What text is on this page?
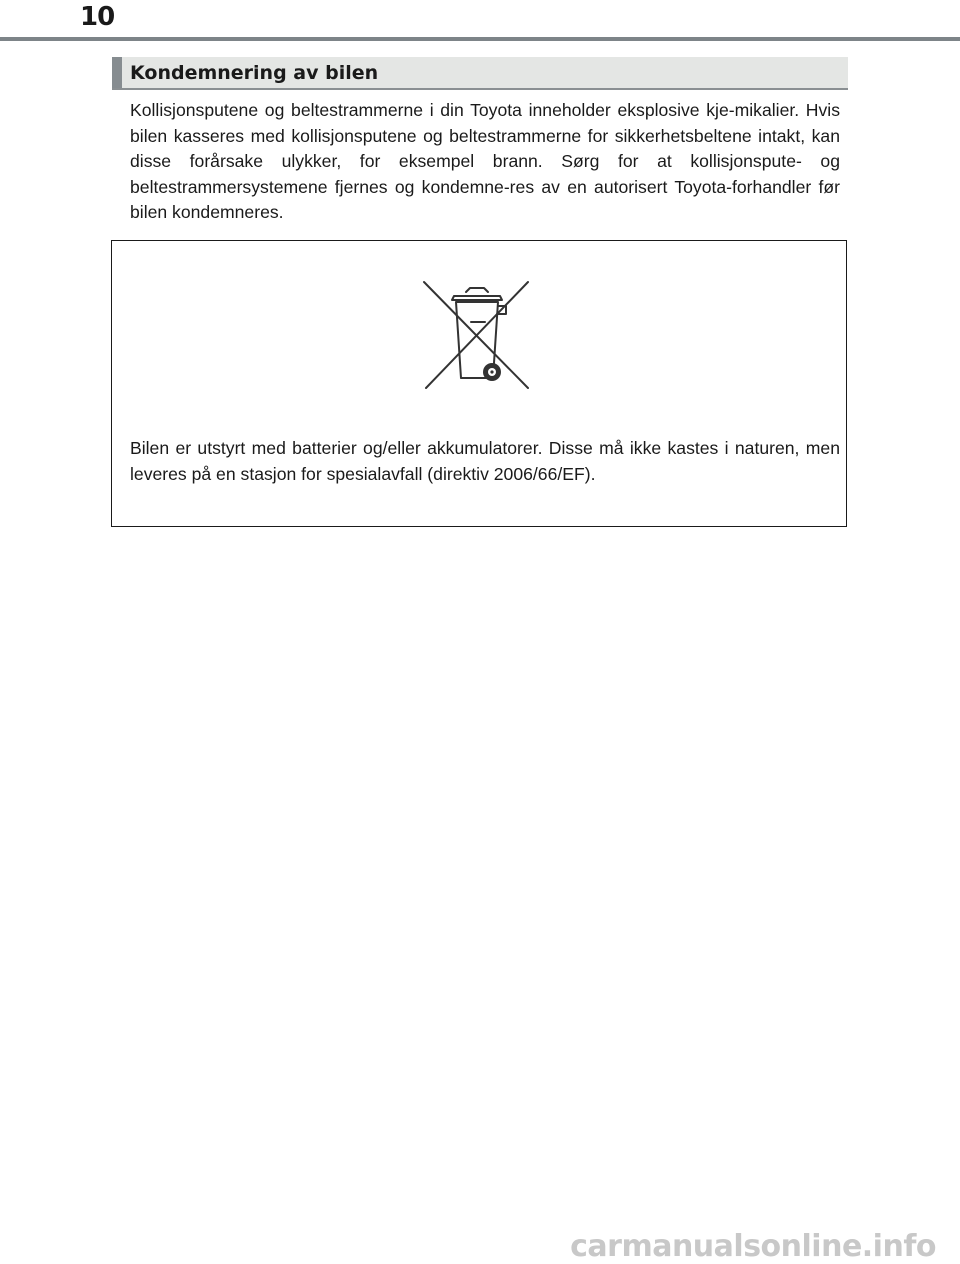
10
Kondemnering av bilen
Kollisjonsputene og beltestrammerne i din Toyota inneholder eksplosive kje-mikalier. Hvis bilen kasseres med kollisjonsputene og beltestrammerne for sikkerhetsbeltene intakt, kan disse forårsake ulykker, for eksempel brann. Sørg for at kollisjonspute- og beltestrammersystemene fjernes og kondemne-res av en autorisert Toyota-forhandler før bilen kondemneres.
Bilen er utstyrt med batterier og/eller akkumulatorer. Disse må ikke kastes i naturen, men leveres på en stasjon for spesialavfall (direktiv 2006/66/EF).
carmanualsonline.info
